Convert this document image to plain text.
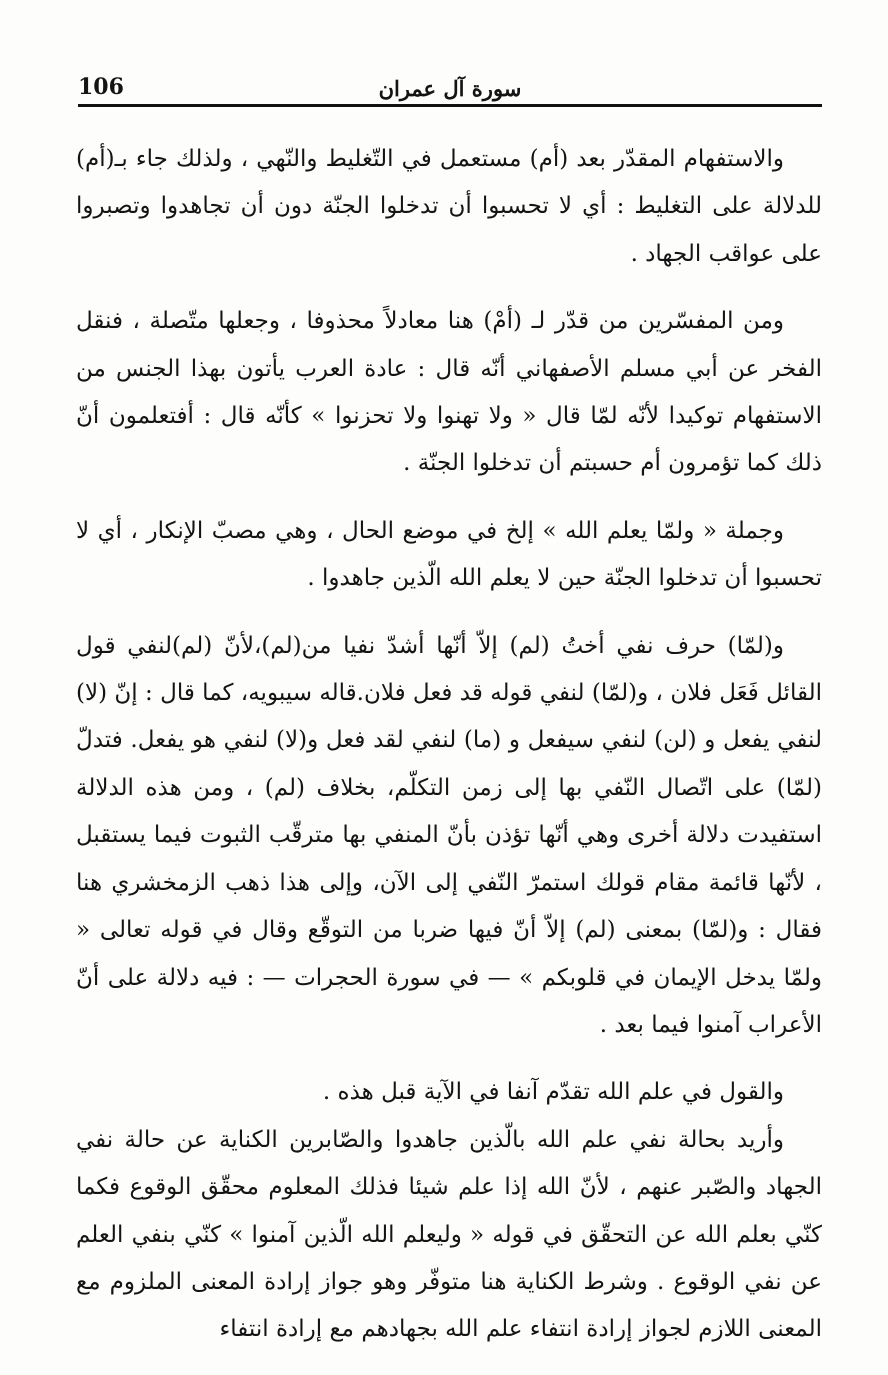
106	سورة آل عمران

والاستفهام المقدّر بعد (أم) مستعمل في التّغليط والنّهي ، ولذلك جاء بـ(أم) للدلالة على التغليط : أي لا تحسبوا أن تدخلوا الجنّة دون أن تجاهدوا وتصبروا على عواقب الجهاد .

ومن المفسّرين من قدّر لـ (أمْ) هنا معادلاً محذوفا ، وجعلها متّصلة ، فنقل الفخر عن أبي مسلم الأصفهاني أنّه قال : عادة العرب يأتون بهذا الجنس من الاستفهام توكيدا لأنّه لمّا قال « ولا تهنوا ولا تحزنوا » كأنّه قال : أفتعلمون أنّ ذلك كما تؤمرون أم حسبتم أن تدخلوا الجنّة .

وجملة « ولمّا يعلم الله » إلخ في موضع الحال ، وهي مصبّ الإنكار ، أي لا تحسبوا أن تدخلوا الجنّة حين لا يعلم الله الّذين جاهدوا .

و(لمّا) حرف نفي أختُ (لم) إلاّ أنّها أشدّ نفيا من(لم)،لأنّ (لم)لنفي قول القائل فَعَل فلان ، و(لمّا) لنفي قوله قد فعل فلان.قاله سيبويه، كما قال : إنّ (لا) لنفي يفعل و (لن) لنفي سيفعل و (ما) لنفي لقد فعل و(لا) لنفي هو يفعل. فتدلّ (لمّا) على اتّصال النّفي بها إلى زمن التكلّم، بخلاف (لم) ، ومن هذه الدلالة استفيدت دلالة أخرى وهي أنّها تؤذن بأنّ المنفي بها مترقّب الثبوت فيما يستقبل ، لأنّها قائمة مقام قولك استمرّ النّفي إلى الآن، وإلى هذا ذهب الزمخشري هنا فقال : و(لمّا) بمعنى (لم) إلاّ أنّ فيها ضربا من التوقّع وقال في قوله تعالى « ولمّا يدخل الإيمان في قلوبكم » — في سورة الحجرات — : فيه دلالة على أنّ الأعراب آمنوا فيما بعد .

والقول في علم الله تقدّم آنفا في الآية قبل هذه .

وأريد بحالة نفي علم الله بالّذين جاهدوا والصّابرين الكناية عن حالة نفي الجهاد والصّبر عنهم ، لأنّ الله إذا علم شيئا فذلك المعلوم محقّق الوقوع فكما كنّي بعلم الله عن التحقّق في قوله « وليعلم الله الّذين آمنوا » كنّي بنفي العلم عن نفي الوقوع . وشرط الكناية هنا متوفّر وهو جواز إرادة المعنى الملزوم مع المعنى اللازم لجواز إرادة انتفاء علم الله بجهادهم مع إرادة انتفاء
